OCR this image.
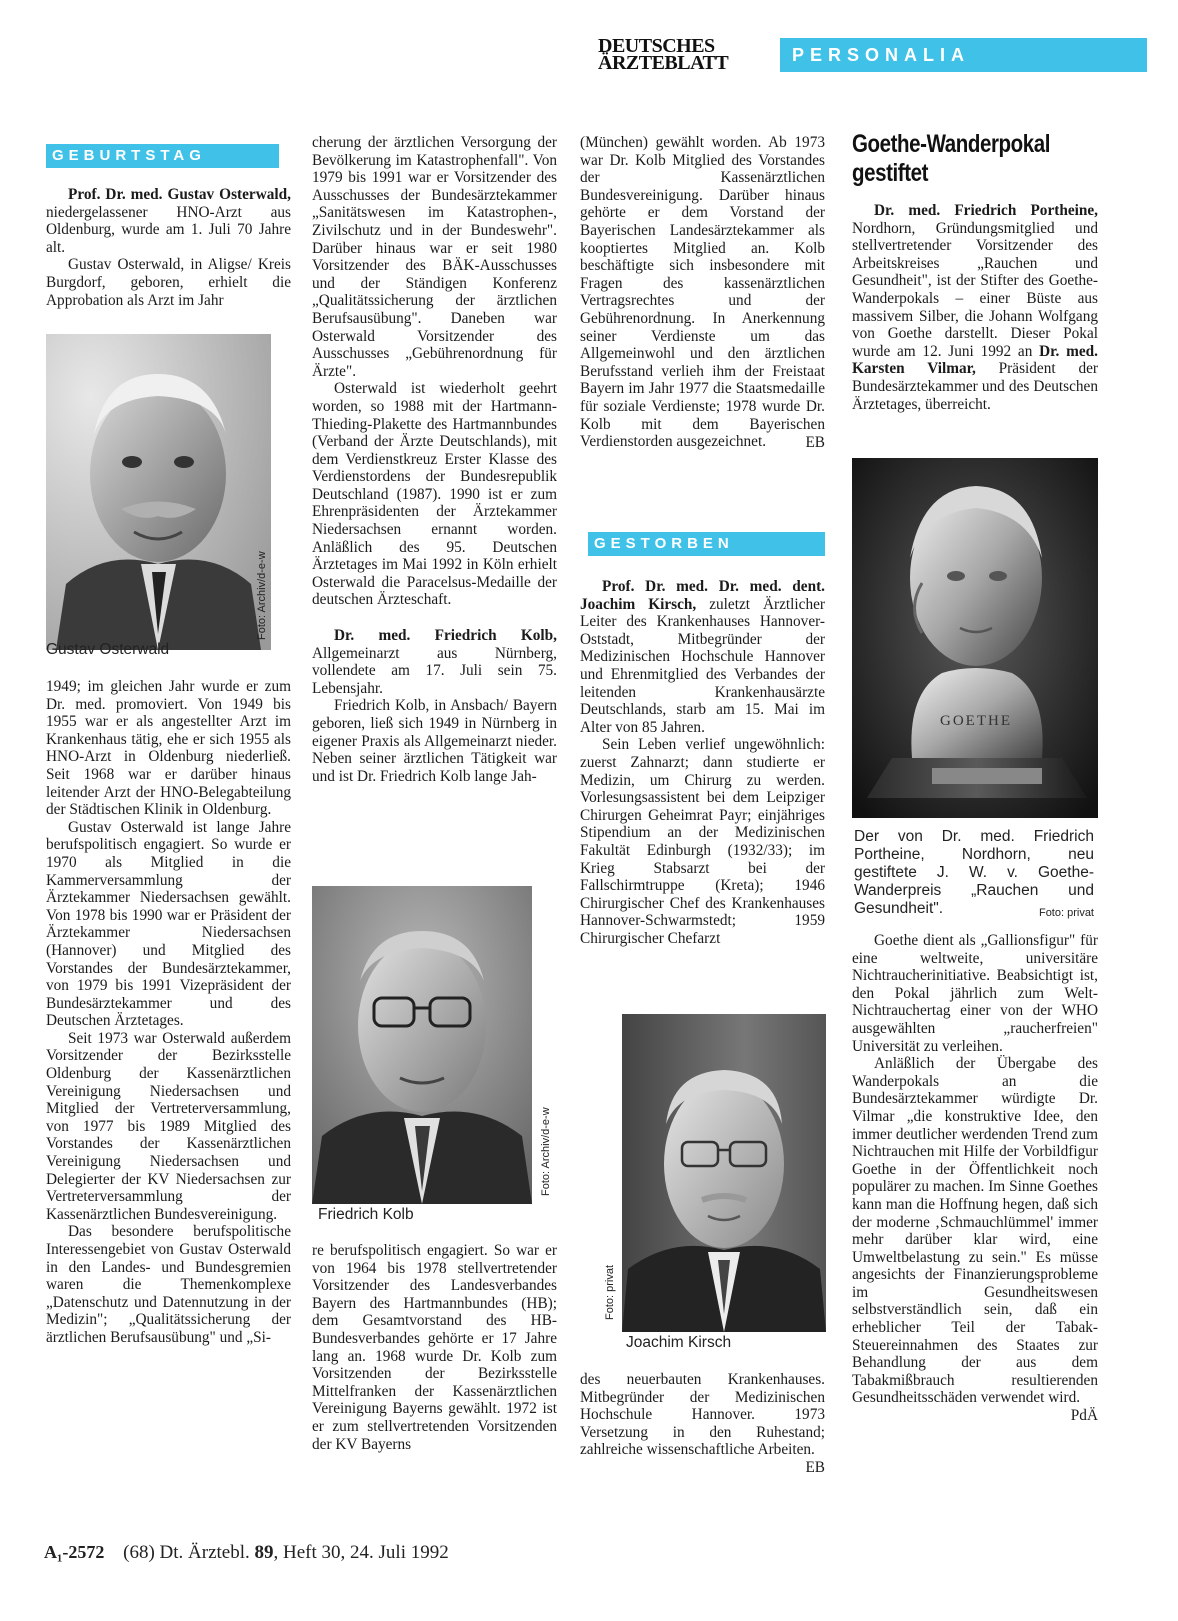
DEUTSCHES
ÄRZTEBLATT	PERSONALIA
GEBURTSTAG

Prof. Dr. med. Gustav Osterwald, niedergelassener HNO-Arzt aus Oldenburg, wurde am 1. Juli 70 Jahre alt.

Gustav Osterwald, in Aligse/ Kreis Burgdorf, geboren, erhielt die Approbation als Arzt im Jahr

Foto: Archiv/d-e-w
Gustav Osterwald

1949; im gleichen Jahr wurde er zum Dr. med. promoviert. Von 1949 bis 1955 war er als angestellter Arzt im Krankenhaus tätig, ehe er sich 1955 als HNO-Arzt in Oldenburg niederließ. Seit 1968 war er darüber hinaus leitender Arzt der HNO-Belegabteilung der Städtischen Klinik in Oldenburg.

Gustav Osterwald ist lange Jahre berufspolitisch engagiert. So wurde er 1970 als Mitglied in die Kammerversammlung der Ärztekammer Niedersachsen gewählt. Von 1978 bis 1990 war er Präsident der Ärztekammer Niedersachsen (Hannover) und Mitglied des Vorstandes der Bundesärztekammer, von 1979 bis 1991 Vizepräsident der Bundesärztekammer und des Deutschen Ärztetages.

Seit 1973 war Osterwald außerdem Vorsitzender der Bezirksstelle Oldenburg der Kassenärztlichen Vereinigung Niedersachsen und Mitglied der Vertreterversammlung, von 1977 bis 1989 Mitglied des Vorstandes der Kassenärztlichen Vereinigung Niedersachsen und Delegierter der KV Niedersachsen zur Vertreterversammlung der Kassenärztlichen Bundesvereinigung.

Das besondere berufspolitische Interessengebiet von Gustav Osterwald in den Landes- und Bundesgremien waren die Themenkomplexe „Datenschutz und Datennutzung in der Medizin"; „Qualitätssicherung der ärztlichen Berufsausübung" und „Si-

cherung der ärztlichen Versorgung der Bevölkerung im Katastrophenfall". Von 1979 bis 1991 war er Vorsitzender des Ausschusses der Bundesärztekammer „Sanitätswesen im Katastrophen-, Zivilschutz und in der Bundeswehr". Darüber hinaus war er seit 1980 Vorsitzender des BÄK-Ausschusses und der Ständigen Konferenz „Qualitätssicherung der ärztlichen Berufsausübung". Daneben war Osterwald Vorsitzender des Ausschusses „Gebührenordnung für Ärzte".

Osterwald ist wiederholt geehrt worden, so 1988 mit der Hartmann-Thieding-Plakette des Hartmannbundes (Verband der Ärzte Deutschlands), mit dem Verdienstkreuz Erster Klasse des Verdienstordens der Bundesrepublik Deutschland (1987). 1990 ist er zum Ehrenpräsidenten der Ärztekammer Niedersachsen ernannt worden. Anläßlich des 95. Deutschen Ärztetages im Mai 1992 in Köln erhielt Osterwald die Paracelsus-Medaille der deutschen Ärzteschaft.

Dr. med. Friedrich Kolb, Allgemeinarzt aus Nürnberg, vollendete am 17. Juli sein 75. Lebensjahr.

Friedrich Kolb, in Ansbach/ Bayern geboren, ließ sich 1949 in Nürnberg in eigener Praxis als Allgemeinarzt nieder. Neben seiner ärztlichen Tätigkeit war und ist Dr. Friedrich Kolb lange Jah-

Foto: Archiv/d-e-w
Friedrich Kolb

re berufspolitisch engagiert. So war er von 1964 bis 1978 stellvertretender Vorsitzender des Landesverbandes Bayern des Hartmannbundes (HB); dem Gesamtvorstand des HB-Bundesverbandes gehörte er 17 Jahre lang an. 1968 wurde Dr. Kolb zum Vorsitzenden der Bezirksstelle Mittelfranken der Kassenärztlichen Vereinigung Bayerns gewählt. 1972 ist er zum stellvertretenden Vorsitzenden der KV Bayerns

(München) gewählt worden. Ab 1973 war Dr. Kolb Mitglied des Vorstandes der Kassenärztlichen Bundesvereinigung. Darüber hinaus gehörte er dem Vorstand der Bayerischen Landesärztekammer als kooptiertes Mitglied an. Kolb beschäftigte sich insbesondere mit Fragen des kassenärztlichen Vertragsrechtes und der Gebührenordnung. In Anerkennung seiner Verdienste um das Allgemeinwohl und den ärztlichen Berufsstand verlieh ihm der Freistaat Bayern im Jahr 1977 die Staatsmedaille für soziale Verdienste; 1978 wurde Dr. Kolb mit dem Bayerischen Verdienstorden ausgezeichnet.	EB
GESTORBEN

Prof. Dr. med. Dr. med. dent. Joachim Kirsch, zuletzt Ärztlicher Leiter des Krankenhauses Hannover-Oststadt, Mitbegründer der Medizinischen Hochschule Hannover und Ehrenmitglied des Verbandes der leitenden Krankenhausärzte Deutschlands, starb am 15. Mai im Alter von 85 Jahren.

Sein Leben verlief ungewöhnlich: zuerst Zahnarzt; dann studierte er Medizin, um Chirurg zu werden. Vorlesungsassistent bei dem Leipziger Chirurgen Geheimrat Payr; einjähriges Stipendium an der Medizinischen Fakultät Edinburgh (1932/33); im Krieg Stabsarzt bei der Fallschirmtruppe (Kreta); 1946 Chirurgischer Chef des Krankenhauses Hannover-Schwarmstedt; 1959 Chirurgischer Chefarzt

Foto: privat
Joachim Kirsch

des neuerbauten Krankenhauses. Mitbegründer der Medizinischen Hochschule Hannover. 1973 Versetzung in den Ruhestand; zahlreiche wissenschaftliche Arbeiten.

EB
Goethe-Wanderpokal
gestiftet

Dr. med. Friedrich Portheine, Nordhorn, Gründungsmitglied und stellvertretender Vorsitzender des Arbeitskreises „Rauchen und Gesundheit", ist der Stifter des Goethe-Wanderpokals – einer Büste aus massivem Silber, die Johann Wolfgang von Goethe darstellt. Dieser Pokal wurde am 12. Juni 1992 an Dr. med. Karsten Vilmar, Präsident der Bundesärztekammer und des Deutschen Ärztetages, überreicht.

GOETHE
Der von Dr. med. Friedrich Portheine, Nordhorn, neu gestiftete J. W. v. Goethe-Wanderpreis „Rauchen und Gesundheit".	Foto: privat

Goethe dient als „Gallionsfigur" für eine weltweite, universitäre Nichtraucherinitiative. Beabsichtigt ist, den Pokal jährlich zum Welt-Nichtrauchertag einer von der WHO ausgewählten „raucherfreien" Universität zu verleihen.

Anläßlich der Übergabe des Wanderpokals an die Bundesärztekammer würdigte Dr. Vilmar „die konstruktive Idee, den immer deutlicher werdenden Trend zum Nichtrauchen mit Hilfe der Vorbildfigur Goethe in der Öffentlichkeit noch populärer zu machen. Im Sinne Goethes kann man die Hoffnung hegen, daß sich der moderne ‚Schmauchlümmel' immer mehr darüber klar wird, eine Umweltbelastung zu sein." Es müsse angesichts der Finanzierungsprobleme im Gesundheitswesen selbstverständlich sein, daß ein erheblicher Teil der Tabak-Steuereinnahmen des Staates zur Behandlung der aus dem Tabakmißbrauch resultierenden Gesundheitsschäden verwendet wird.

PdÄ
A₁-2572 (68) Dt. Ärztebl. 89, Heft 30, 24. Juli 1992
